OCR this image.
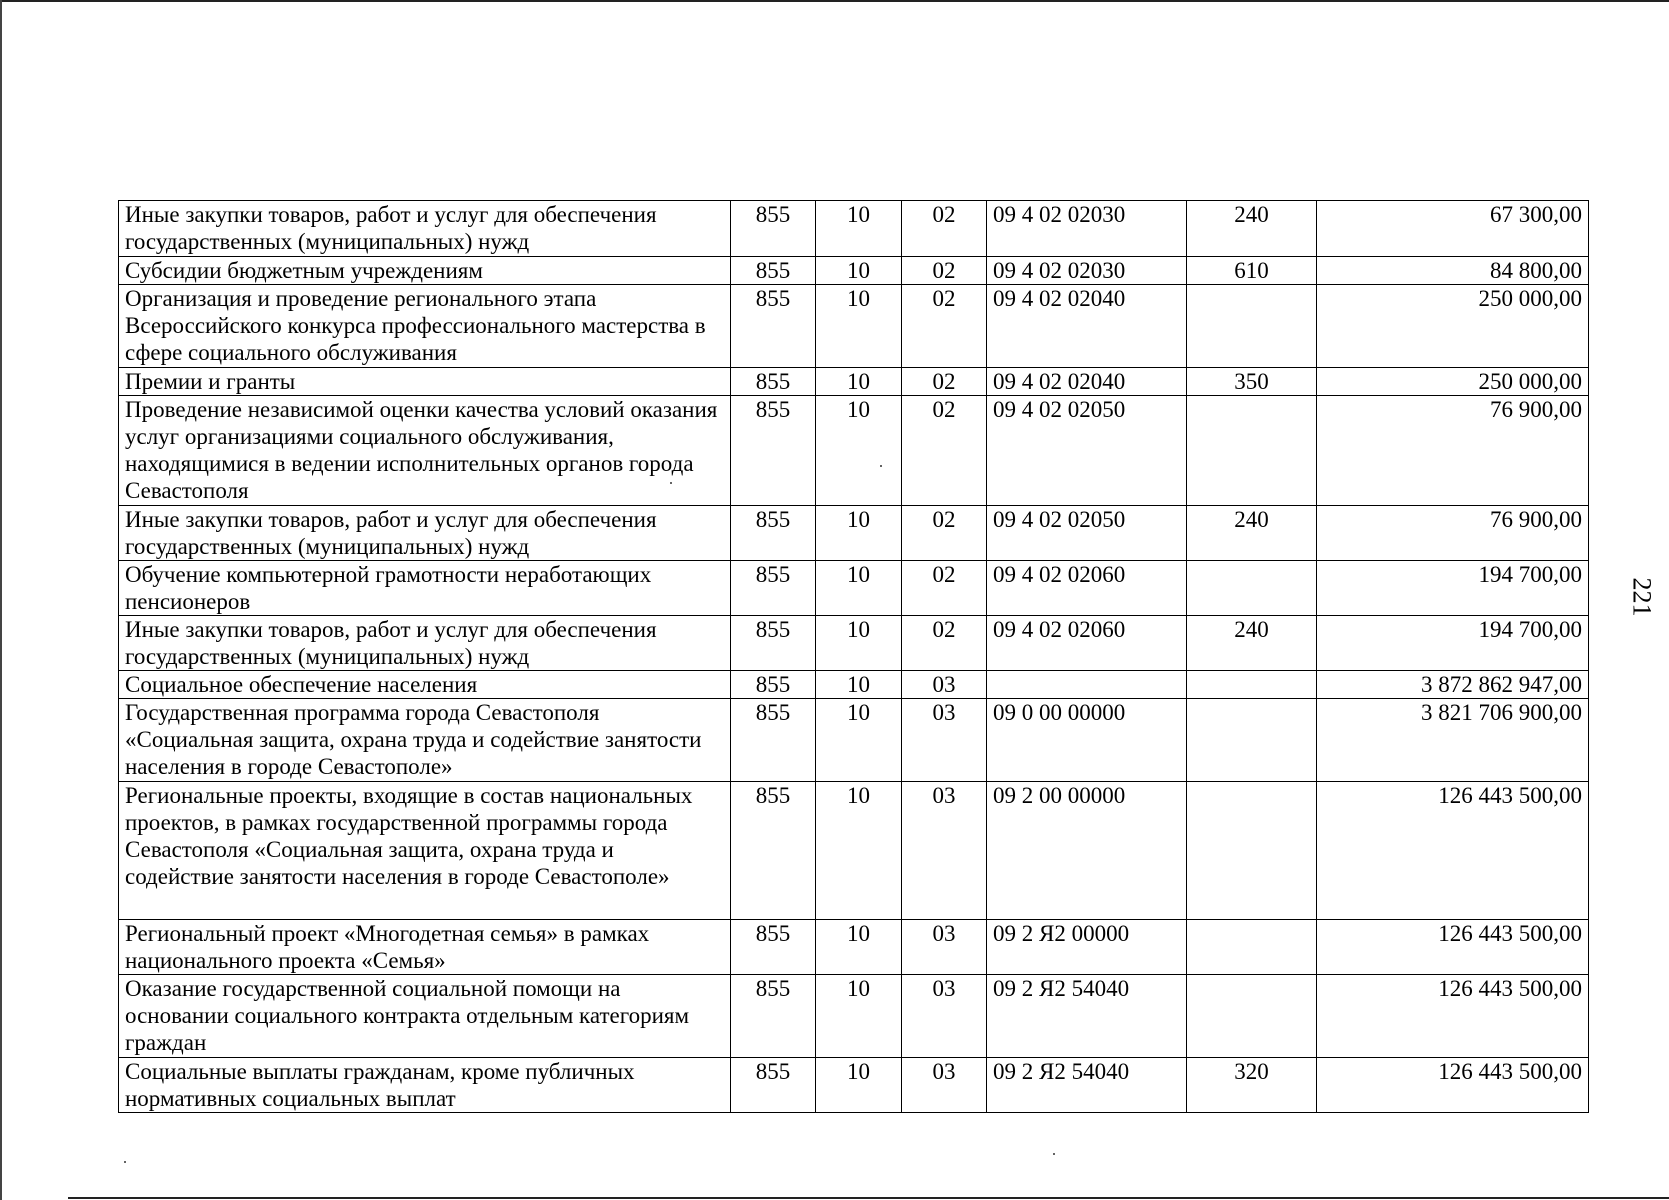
Иные закупки товаров, работ и услуг для обеспечения государственных (муниципальных) нужд	855	10	02	09 4 02 02030	240	67 300,00
Субсидии бюджетным учреждениям	855	10	02	09 4 02 02030	610	84 800,00
Организация и проведение регионального этапа Всероссийского конкурса профессионального мастерства в сфере социального обслуживания	855	10	02	09 4 02 02040		250 000,00
Премии и гранты	855	10	02	09 4 02 02040	350	250 000,00
Проведение независимой оценки качества условий оказания услуг организациями социального обслуживания, находящимися в ведении исполнительных органов города Севастополя	855	10	02	09 4 02 02050		76 900,00
Иные закупки товаров, работ и услуг для обеспечения государственных (муниципальных) нужд	855	10	02	09 4 02 02050	240	76 900,00
Обучение компьютерной грамотности неработающих пенсионеров	855	10	02	09 4 02 02060		194 700,00
Иные закупки товаров, работ и услуг для обеспечения государственных (муниципальных) нужд	855	10	02	09 4 02 02060	240	194 700,00
Социальное обеспечение населения	855	10	03			3 872 862 947,00
Государственная программа города Севастополя «Социальная защита, охрана труда и содействие занятости населения в городе Севастополе»	855	10	03	09 0 00 00000		3 821 706 900,00
Региональные проекты, входящие в состав национальных проектов, в рамках государственной программы города Севастополя «Социальная защита, охрана труда и содействие занятости населения в городе Севастополе»	855	10	03	09 2 00 00000		126 443 500,00
Региональный проект «Многодетная семья» в рамках национального проекта «Семья»	855	10	03	09 2 Я2 00000		126 443 500,00
Оказание государственной социальной помощи на основании социального контракта отдельным категориям граждан	855	10	03	09 2 Я2 54040		126 443 500,00
Социальные выплаты гражданам, кроме публичных нормативных социальных выплат	855	10	03	09 2 Я2 54040	320	126 443 500,00
221
